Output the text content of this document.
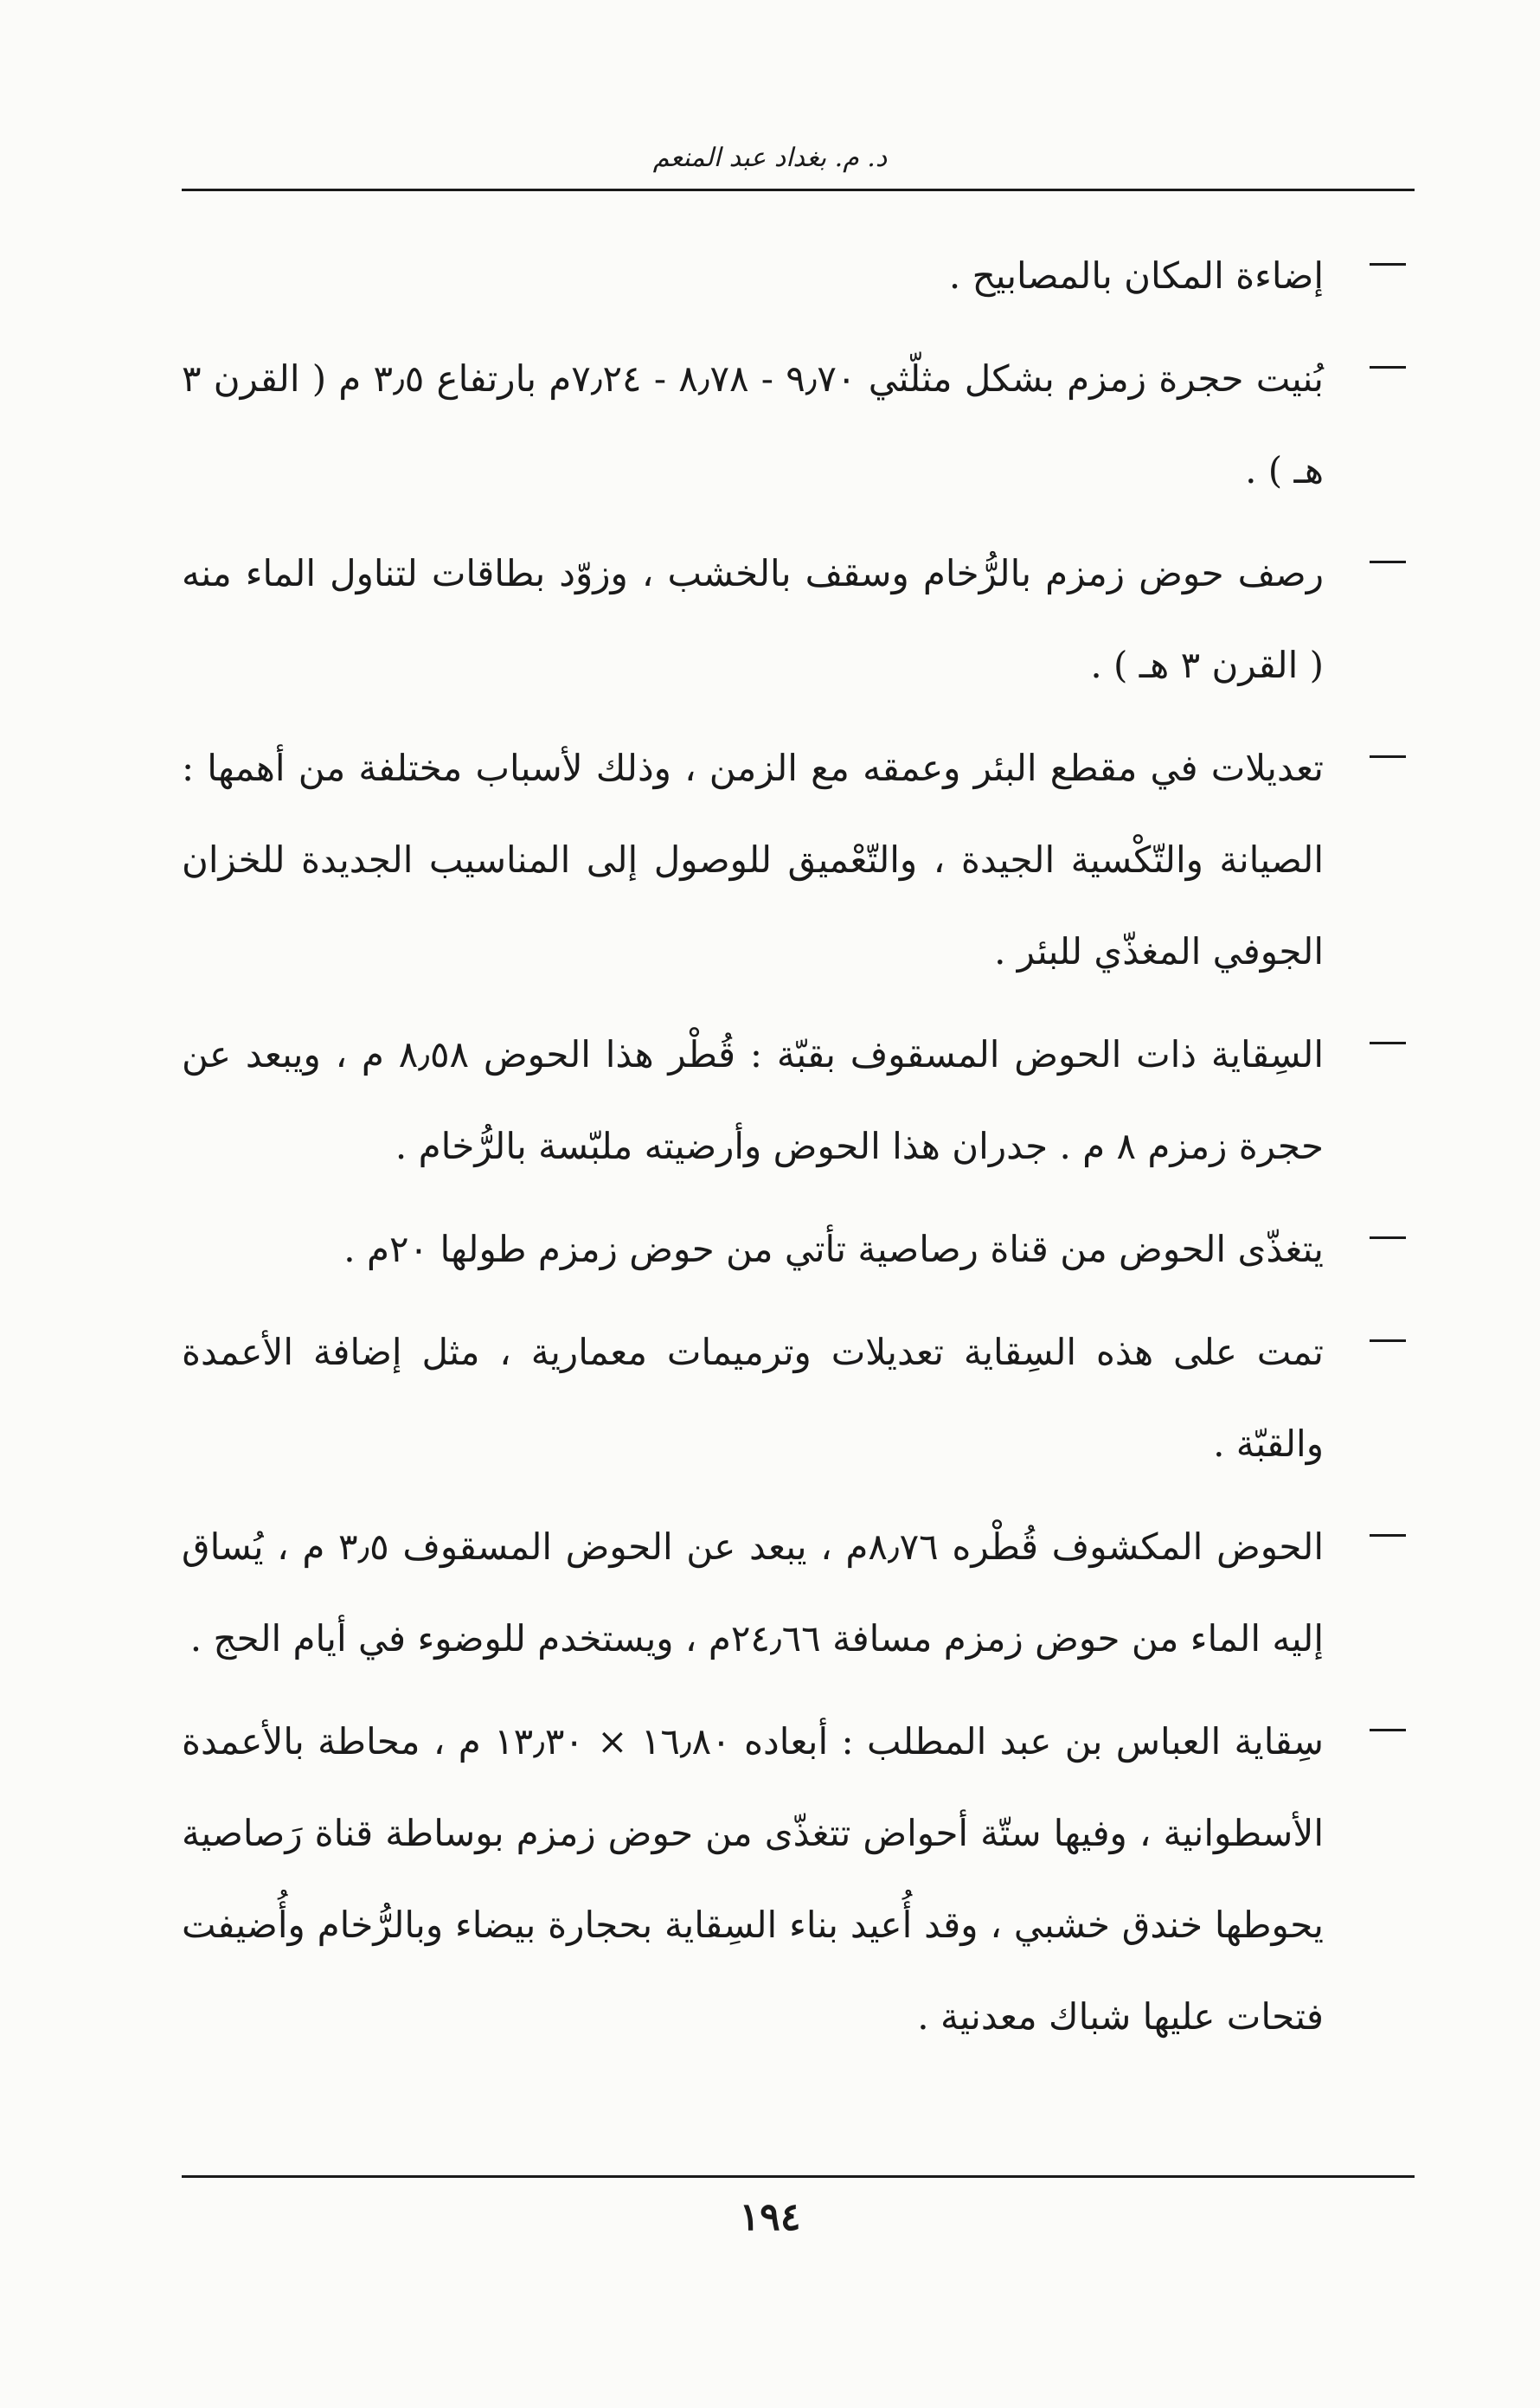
د. م. بغداد عبد المنعم
إضاءة المكان بالمصابيح .
بُنيت حجرة زمزم بشكل مثلّثي ٩٫٧٠ - ٨٫٧٨ - ٧٫٢٤م بارتفاع ٣٫٥ م ( القرن ٣ هـ ) .
رصف حوض زمزم بالرُّخام وسقف بالخشب ، وزوّد بطاقات لتناول الماء منه ( القرن ٣ هـ ) .
تعديلات في مقطع البئر وعمقه مع الزمن ، وذلك لأسباب مختلفة من أهمها : الصيانة والتّكْسية الجيدة ، والتّعْميق للوصول إلى المناسيب الجديدة للخزان الجوفي المغذّي للبئر .
السِقاية ذات الحوض المسقوف بقبّة : قُطْر هذا الحوض ٨٫٥٨ م ، ويبعد عن حجرة زمزم ٨ م . جدران هذا الحوض وأرضيته ملبّسة بالرُّخام .
يتغذّى الحوض من قناة رصاصية تأتي من حوض زمزم طولها ٢٠م .
تمت على هذه السِقاية تعديلات وترميمات معمارية ، مثل إضافة الأعمدة والقبّة .
الحوض المكشوف قُطْره ٨٫٧٦م ، يبعد عن الحوض المسقوف ٣٫٥ م ، يُساق إليه الماء من حوض زمزم مسافة ٢٤٫٦٦م ، ويستخدم للوضوء في أيام الحج .
سِقاية العباس بن عبد المطلب : أبعاده ١٦٫٨٠ × ١٣٫٣٠ م ، محاطة بالأعمدة الأسطوانية ، وفيها ستّة أحواض تتغذّى من حوض زمزم بوساطة قناة رَصاصية يحوطها خندق خشبي ، وقد أُعيد بناء السِقاية بحجارة بيضاء وبالرُّخام وأُضيفت فتحات عليها شباك معدنية .
١٩٤
